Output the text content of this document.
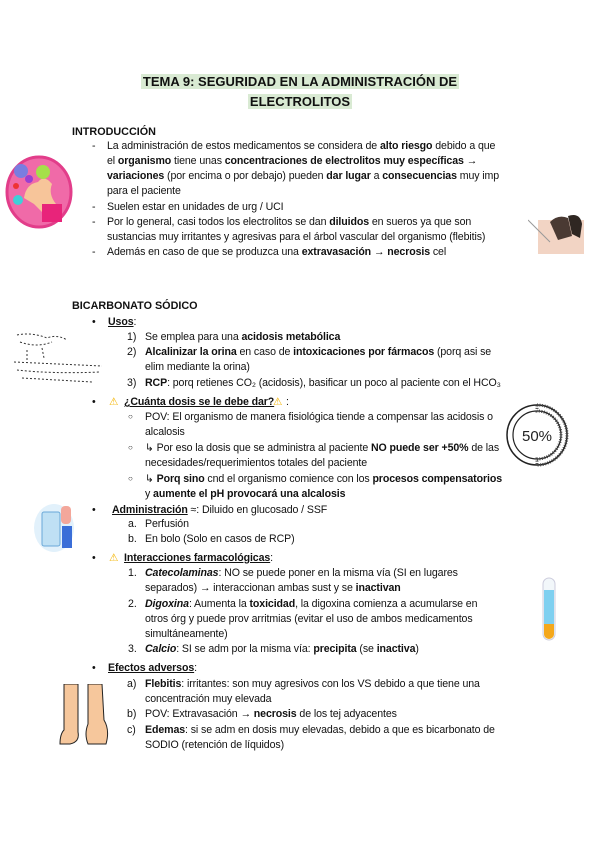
TEMA 9: SEGURIDAD EN LA ADMINISTRACIÓN DE
ELECTROLITOS
INTRODUCCIÓN
-
-
-
-
La administración de estos medicamentos se considera de alto riesgo debido a que
el organismo tiene unas concentraciones de electrolitos muy específicas →
variaciones (por encima o por debajo) pueden dar lugar a consecuencias muy imp
para el paciente
Suelen estar en unidades de urg / UCI
Por lo general, casi todos los electrolitos se dan diluidos en sueros ya que son
sustancias muy irritantes y agresivas para el árbol vascular del organismo (flebitis)
Además en caso de que se produzca una extravasación → necrosis cel
BICARBONATO SÓDICO
•
•
•
•
•
1)
2)
3)
○
○
○
a.
b.
1.
2.
3.
a)
b)
c)
⚠	⚠ :
⚠
Usos:
Se emplea para una acidosis metabólica
Alcalinizar la orina en caso de intoxicaciones por fármacos (porq asi se
elim mediante la orina)
RCP: porq retienes CO₂ (acidosis), basificar un poco al paciente con el HCO₃
¿Cuánta dosis se le debe dar?
POV: El organismo de manera fisiológica tiende a compensar las acidosis o
alcalosis
↳ Por eso la dosis que se administra al paciente NO puede ser +50% de las
necesidades/requerimientos totales del paciente
↳ Porq sino cnd el organismo comience con los procesos compensatorios
y aumente el pH provocará una alcalosis
Administración ≈: Diluido en glucosado / SSF
Perfusión
En bolo (Solo en casos de RCP)
Interacciones farmacológicas:
Catecolaminas: NO se puede poner en la misma vía (SI en lugares
separados) → interaccionan ambas sust y se inactivan
Digoxina: Aumenta la toxicidad, la digoxina comienza a acumularse en
otros órg y puede prov arritmias (evitar el uso de ambos medicamentos
simultáneamente)
Calcio: SI se adm por la misma vía: precipita (se inactiva)
Efectos adversos:
Flebitis: irritantes: son muy agresivos con los VS debido a que tiene una
concentración muy elevada
POV: Extravasación → necrosis de los tej adyacentes
Edemas: si se adm en dosis muy elevadas, debido a que es bicarbonato de
SODIO (retención de líquidos)
50%
